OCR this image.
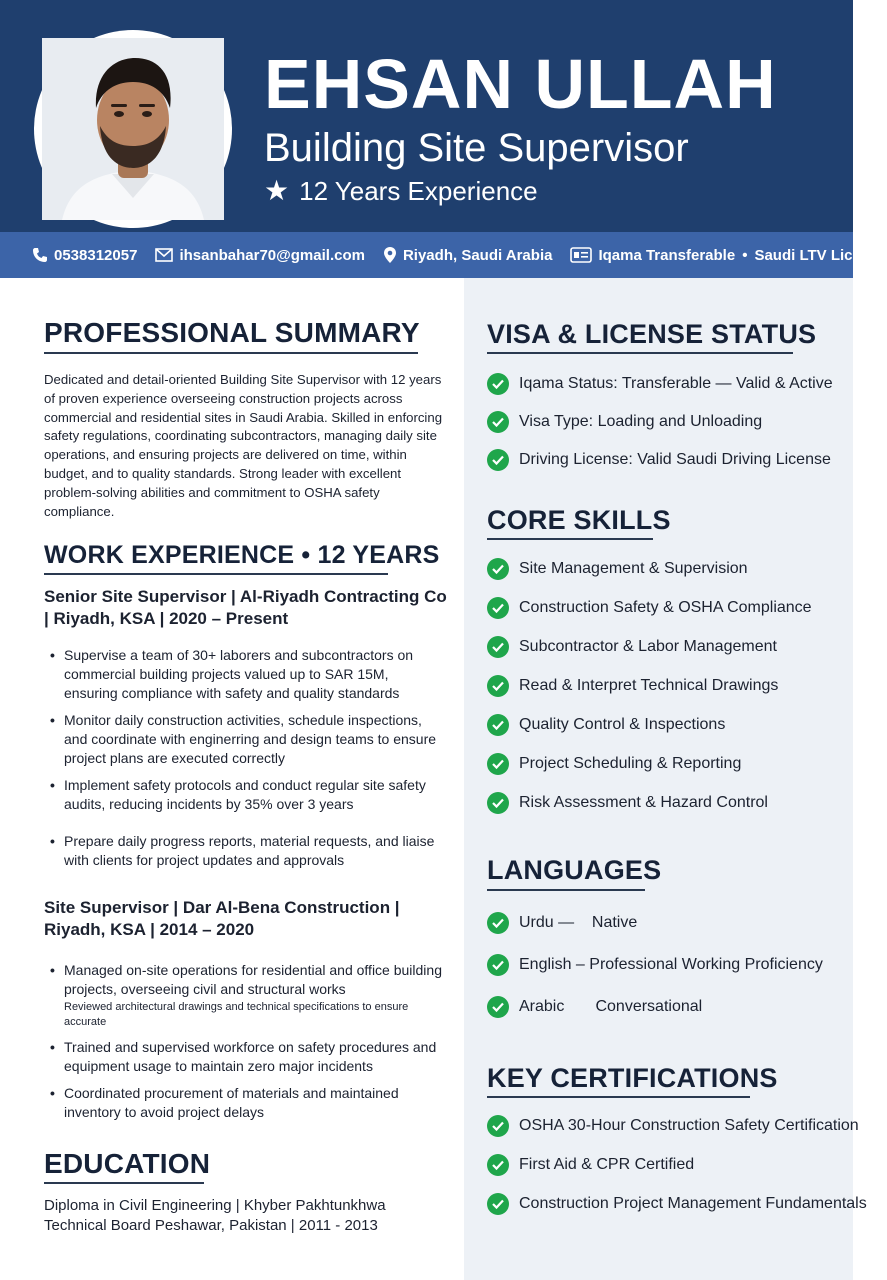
EHSAN ULLAH
Building Site Supervisor
★ 12 Years Experience
0538312057	ihsanbahar70@gmail.com	Riyadh, Saudi Arabia	Iqama Transferable • Saudi LTV License
PROFESSIONAL SUMMARY
Dedicated and detail-oriented Building Site Supervisor with 12 years of proven experience overseeing construction projects across commercial and residential sites in Saudi Arabia. Skilled in enforcing safety regulations, coordinating subcontractors, managing daily site operations, and ensuring projects are delivered on time, within budget, and to quality standards. Strong leader with excellent problem-solving abilities and commitment to OSHA safety compliance.
WORK EXPERIENCE • 12 YEARS
Senior Site Supervisor | Al-Riyadh Contracting Co | Riyadh, KSA | 2020 – Present
• Supervise a team of 30+ laborers and subcontractors on commercial building projects valued up to SAR 15M, ensuring compliance with safety and quality standards
• Monitor daily construction activities, schedule inspections, and coordinate with enginerring and design teams to ensure project plans are executed correctly
• Implement safety protocols and conduct regular site safety audits, reducing incidents by 35% over 3 years
• Prepare daily progress reports, material requests, and liaise with clients for project updates and approvals
Site Supervisor | Dar Al-Bena Construction | Riyadh, KSA | 2014 – 2020
• Managed on-site operations for residential and office building projects, overseeing civil and structural works
Reviewed architectural drawings and technical specifications to ensure accurate
• Trained and supervised workforce on safety procedures and equipment usage to maintain zero major incidents
• Coordinated procurement of materials and maintained inventory to avoid project delays
EDUCATION
Diploma in Civil Engineering | Khyber Pakhtunkhwa Technical Board Peshawar, Pakistan | 2011 - 2013
VISA & LICENSE STATUS
Iqama Status: Transferable — Valid & Active
Visa Type: Loading and Unloading
Driving License: Valid Saudi Driving License
CORE SKILLS
Site Management & Supervision
Construction Safety & OSHA Compliance
Subcontractor & Labor Management
Read & Interpret Technical Drawings
Quality Control & Inspections
Project Scheduling & Reporting
Risk Assessment & Hazard Control
LANGUAGES
Urdu —    Native
English – Professional Working Proficiency
Arabic       Conversational
KEY CERTIFICATIONS
OSHA 30-Hour Construction Safety Certification
First Aid & CPR Certified
Construction Project Management Fundamentals
